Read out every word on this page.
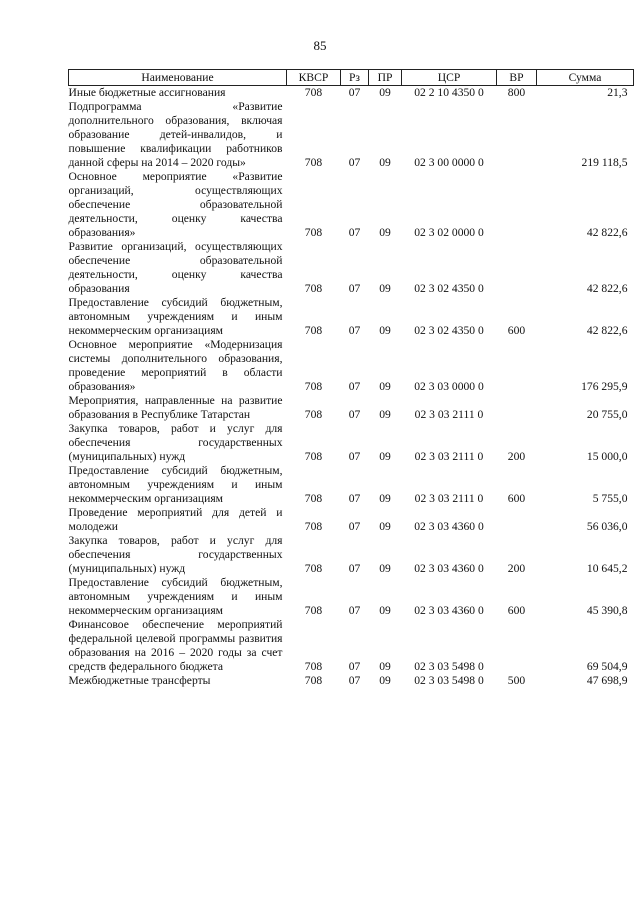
85
Наименование	КВСР	Рз	ПР	ЦСР	ВР	Сумма
Иные бюджетные ассигнования	708	07	09	02 2 10 4350 0	800	21,3
Подпрограмма «Развитие дополнительного образования, включая образование детей-инвалидов, и повышение квалификации работников данной сферы на 2014 – 2020 годы»	708	07	09	02 3 00 0000 0		219 118,5
Основное мероприятие «Развитие организаций, осуществляющих обеспечение образовательной деятельности, оценку качества образования»	708	07	09	02 3 02 0000 0		42 822,6
Развитие организаций, осуществляющих обеспечение образовательной деятельности, оценку качества образования	708	07	09	02 3 02 4350 0		42 822,6
Предоставление субсидий бюджетным, автономным учреждениям и иным некоммерческим организациям	708	07	09	02 3 02 4350 0	600	42 822,6
Основное мероприятие «Модернизация системы дополнительного образования, проведение мероприятий в области образования»	708	07	09	02 3 03 0000 0		176 295,9
Мероприятия, направленные на развитие образования в Республике Татарстан	708	07	09	02 3 03 2111 0		20 755,0
Закупка товаров, работ и услуг для обеспечения государственных (муниципальных) нужд	708	07	09	02 3 03 2111 0	200	15 000,0
Предоставление субсидий бюджетным, автономным учреждениям и иным некоммерческим организациям	708	07	09	02 3 03 2111 0	600	5 755,0
Проведение мероприятий для детей и молодежи	708	07	09	02 3 03 4360 0		56 036,0
Закупка товаров, работ и услуг для обеспечения государственных (муниципальных) нужд	708	07	09	02 3 03 4360 0	200	10 645,2
Предоставление субсидий бюджетным, автономным учреждениям и иным некоммерческим организациям	708	07	09	02 3 03 4360 0	600	45 390,8
Финансовое обеспечение мероприятий федеральной целевой программы развития образования на 2016 – 2020 годы за счет средств федерального бюджета	708	07	09	02 3 03 5498 0		69 504,9
Межбюджетные трансферты	708	07	09	02 3 03 5498 0	500	47 698,9
